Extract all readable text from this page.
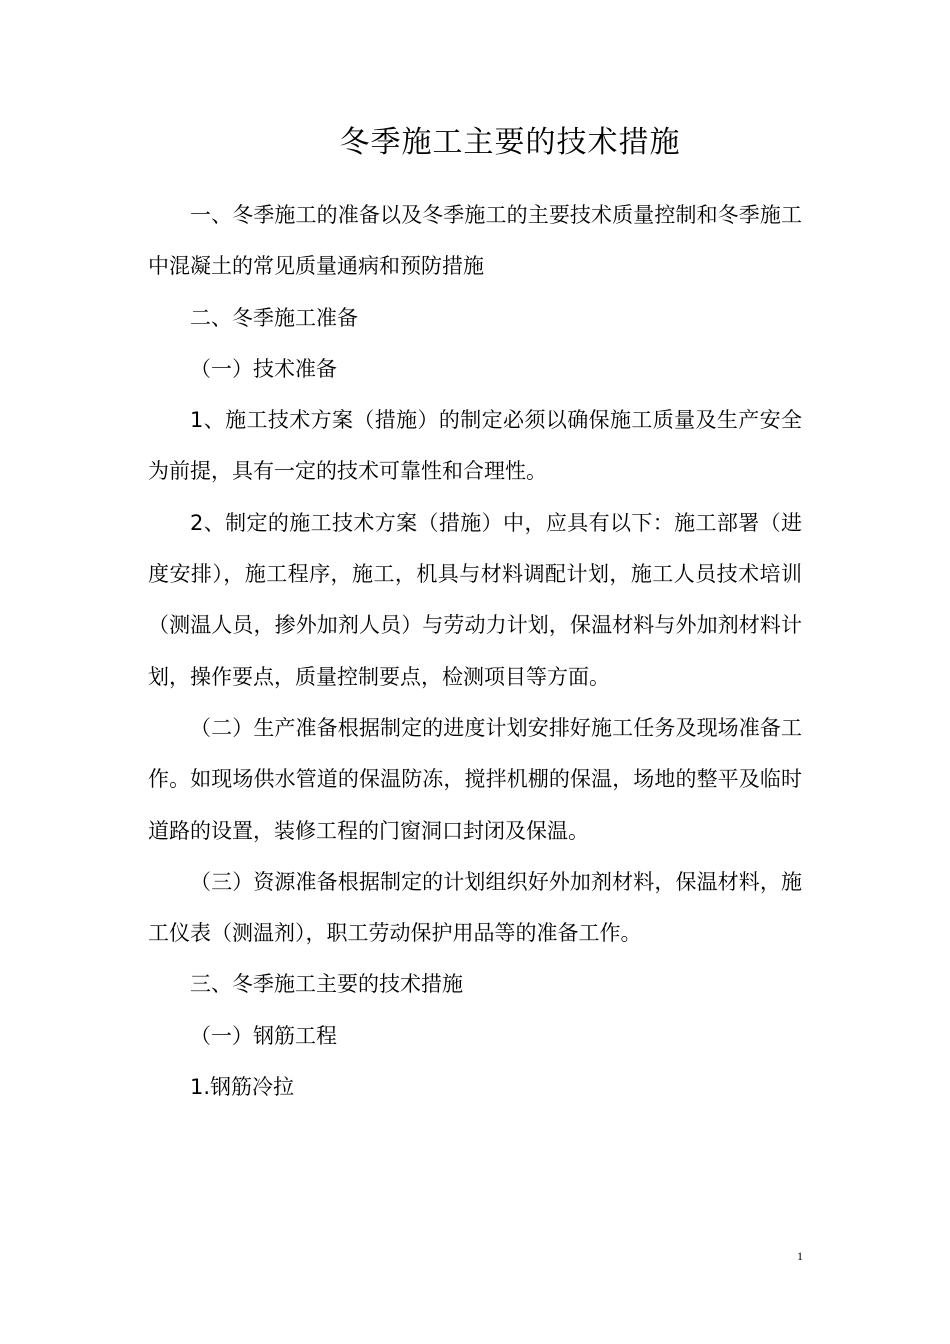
冬季施工主要的技术措施

一、冬季施工的准备以及冬季施工的主要技术质量控制和冬季施工中混凝土的常见质量通病和预防措施

二、冬季施工准备

（一）技术准备

1、施工技术方案（措施）的制定必须以确保施工质量及生产安全为前提，具有一定的技术可靠性和合理性。

2、制定的施工技术方案（措施）中，应具有以下：施工部署（进度安排），施工程序，施工，机具与材料调配计划，施工人员技术培训（测温人员，掺外加剂人员）与劳动力计划，保温材料与外加剂材料计划，操作要点，质量控制要点，检测项目等方面。

（二）生产准备根据制定的进度计划安排好施工任务及现场准备工作。如现场供水管道的保温防冻，搅拌机棚的保温，场地的整平及临时道路的设置，装修工程的门窗洞口封闭及保温。

（三）资源准备根据制定的计划组织好外加剂材料，保温材料，施工仪表（测温剂），职工劳动保护用品等的准备工作。

三、冬季施工主要的技术措施

（一）钢筋工程

1.钢筋冷拉

1
